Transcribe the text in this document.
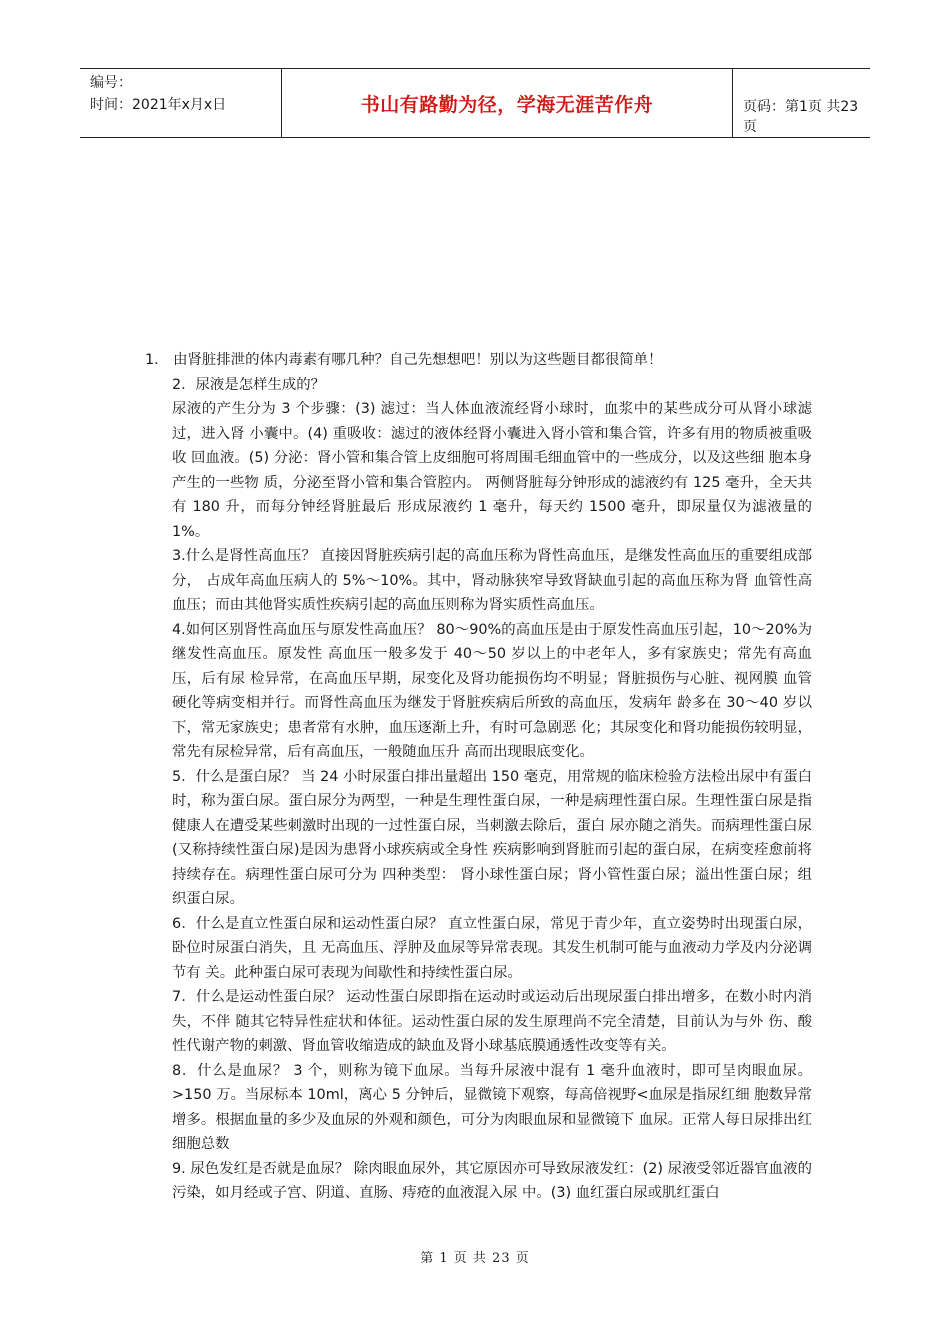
编号：
时间：2021年x月x日	书山有路勤为径，学海无涯苦作舟	页码：第1页 共23页

1． 由肾脏排泄的体内毒素有哪几种？自己先想想吧！别以为这些题目都很简单！

2．尿液是怎样生成的？

尿液的产生分为 3 个步骤：(3) 滤过：当人体血液流经肾小球时，血浆中的某些成分可从肾小球滤过，进入肾 小囊中。(4) 重吸收：滤过的液体经肾小囊进入肾小管和集合管，许多有用的物质被重吸收 回血液。(5) 分泌：肾小管和集合管上皮细胞可将周围毛细血管中的一些成分，以及这些细 胞本身产生的一些物 质，分泌至肾小管和集合管腔内。 两侧肾脏每分钟形成的滤液约有 125 毫升，全天共有 180 升，而每分钟经肾脏最后 形成尿液约 1 毫升，每天约 1500 毫升，即尿量仅为滤液量的 1%。

3.什么是肾性高血压？ 直接因肾脏疾病引起的高血压称为肾性高血压，是继发性高血压的重要组成部分， 占成年高血压病人的 5%～10%。其中，肾动脉狭窄导致肾缺血引起的高血压称为肾 血管性高血压；而由其他肾实质性疾病引起的高血压则称为肾实质性高血压。

4.如何区别肾性高血压与原发性高血压？ 80～90%的高血压是由于原发性高血压引起，10～20%为继发性高血压。原发性 高血压一般多发于 40～50 岁以上的中老年人，多有家族史；常先有高血压，后有尿 检异常，在高血压早期，尿变化及肾功能损伤均不明显；肾脏损伤与心脏、视网膜 血管硬化等病变相并行。而肾性高血压为继发于肾脏疾病后所致的高血压，发病年 龄多在 30～40 岁以下，常无家族史；患者常有水肿，血压逐渐上升，有时可急剧恶 化；其尿变化和肾功能损伤较明显，常先有尿检异常，后有高血压，一般随血压升 高而出现眼底变化。

5．什么是蛋白尿？ 当 24 小时尿蛋白排出量超出 150 毫克，用常规的临床检验方法检出尿中有蛋白时，称为蛋白尿。蛋白尿分为两型，一种是生理性蛋白尿，一种是病理性蛋白尿。生理性蛋白尿是指健康人在遭受某些刺激时出现的一过性蛋白尿，当刺激去除后，蛋白 尿亦随之消失。而病理性蛋白尿(又称持续性蛋白尿)是因为患肾小球疾病或全身性 疾病影响到肾脏而引起的蛋白尿，在病变痊愈前将持续存在。病理性蛋白尿可分为 四种类型： 肾小球性蛋白尿；肾小管性蛋白尿；溢出性蛋白尿；组织蛋白尿。

6．什么是直立性蛋白尿和运动性蛋白尿？ 直立性蛋白尿，常见于青少年，直立姿势时出现蛋白尿，卧位时尿蛋白消失，且 无高血压、浮肿及血尿等异常表现。其发生机制可能与血液动力学及内分泌调节有 关。此种蛋白尿可表现为间歇性和持续性蛋白尿。

7．什么是运动性蛋白尿？ 运动性蛋白尿即指在运动时或运动后出现尿蛋白排出增多，在数小时内消失，不伴 随其它特异性症状和体征。运动性蛋白尿的发生原理尚不完全清楚，目前认为与外 伤、酸性代谢产物的刺激、肾血管收缩造成的缺血及肾小球基底膜通透性改变等有关。

8．什么是血尿？ 3 个，则称为镜下血尿。当每升尿液中混有 1 毫升血液时，即可呈肉眼血尿。>150 万。当尿标本 10ml，离心 5 分钟后，显微镜下观察，每高倍视野<血尿是指尿红细 胞数异常增多。根据血量的多少及血尿的外观和颜色，可分为肉眼血尿和显微镜下 血尿。正常人每日尿排出红细胞总数

9. 尿色发红是否就是血尿？ 除肉眼血尿外，其它原因亦可导致尿液发红：(2) 尿液受邻近器官血液的污染，如月经或子宫、阴道、直肠、痔疮的血液混入尿 中。(3) 血红蛋白尿或肌红蛋白

第 1 页 共 23 页
